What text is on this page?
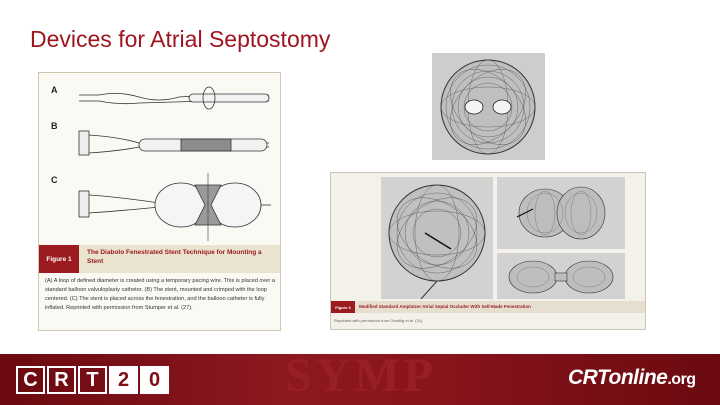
Devices for Atrial Septostomy
A
B
C
Figure 1
The Diabolo Fenestrated Stent Technique for Mounting a Stent
(A) A loop of defined diameter is created using a temporary pacing wire. This is placed over a standard balloon valvuloplasty catheter. (B) The stent, mounted and crimped with the loop centered. (C) The stent is placed across the fenestration, and the balloon catheter is fully inflated. Reprinted with permission from Stumper et al. (27).	Figure 3	Modified Standard Amplatzer Atrial Septal Occluder With Self-Made Fenestration
Reprinted with permission from Gewillig et al. (31).
SYMP
C R T 2 0	CRTonline.org
